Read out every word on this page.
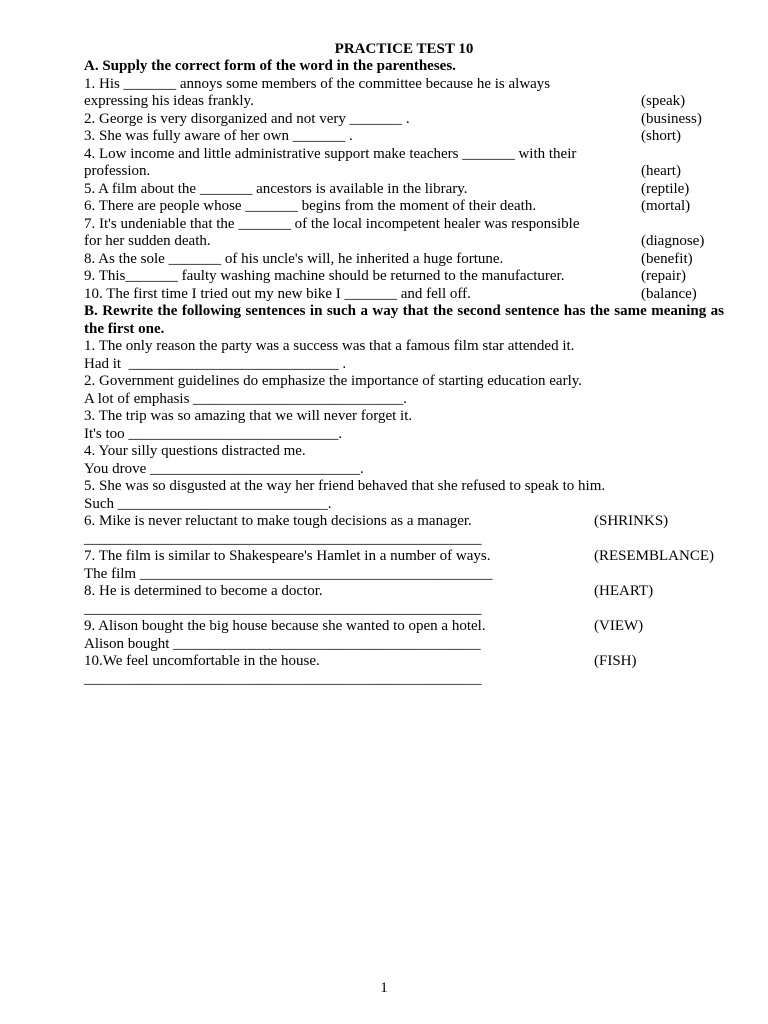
PRACTICE TEST 10
A. Supply the correct form of the word in the parentheses.
1. His _______ annoys some members of the committee because he is always
expressing his ideas frankly.	(speak)
2. George is very disorganized and not very _______ .	(business)
3. She was fully aware of her own _______ .	(short)
4. Low income and little administrative support make teachers _______ with their
profession.	(heart)
5. A film about the _______ ancestors is available in the library.	(reptile)
6. There are people whose _______ begins from the moment of their death.	(mortal)
7. It's undeniable that the _______ of the local incompetent healer was responsible
for her sudden death.	(diagnose)
8. As the sole _______ of his uncle's will, he inherited a huge fortune.	(benefit)
9. This_______ faulty washing machine should be returned to the manufacturer.	(repair)
10. The first time I tried out my new bike I _______ and fell off.	(balance)
B. Rewrite the following sentences in such a way that the second sentence has the same meaning as the first one.
1. The only reason the party was a success was that a famous film star attended it.
Had it  ____________________________ .
2. Government guidelines do emphasize the importance of starting education early.
A lot of emphasis ____________________________.
3. The trip was so amazing that we will never forget it.
It's too ____________________________.
4. Your silly questions distracted me.
You drove ____________________________.
5. She was so disgusted at the way her friend behaved that she refused to speak to him.
Such ____________________________.
6. Mike is never reluctant to make tough decisions as a manager.	(SHRINKS)
_____________________________________________________
7. The film is similar to Shakespeare's Hamlet in a number of ways.	(RESEMBLANCE)
The film _______________________________________________
8. He is determined to become a doctor.	(HEART)
_____________________________________________________
9. Alison bought the big house because she wanted to open a hotel.	(VIEW)
Alison bought _________________________________________
10.We feel uncomfortable in the house.	(FISH)
_____________________________________________________
1
